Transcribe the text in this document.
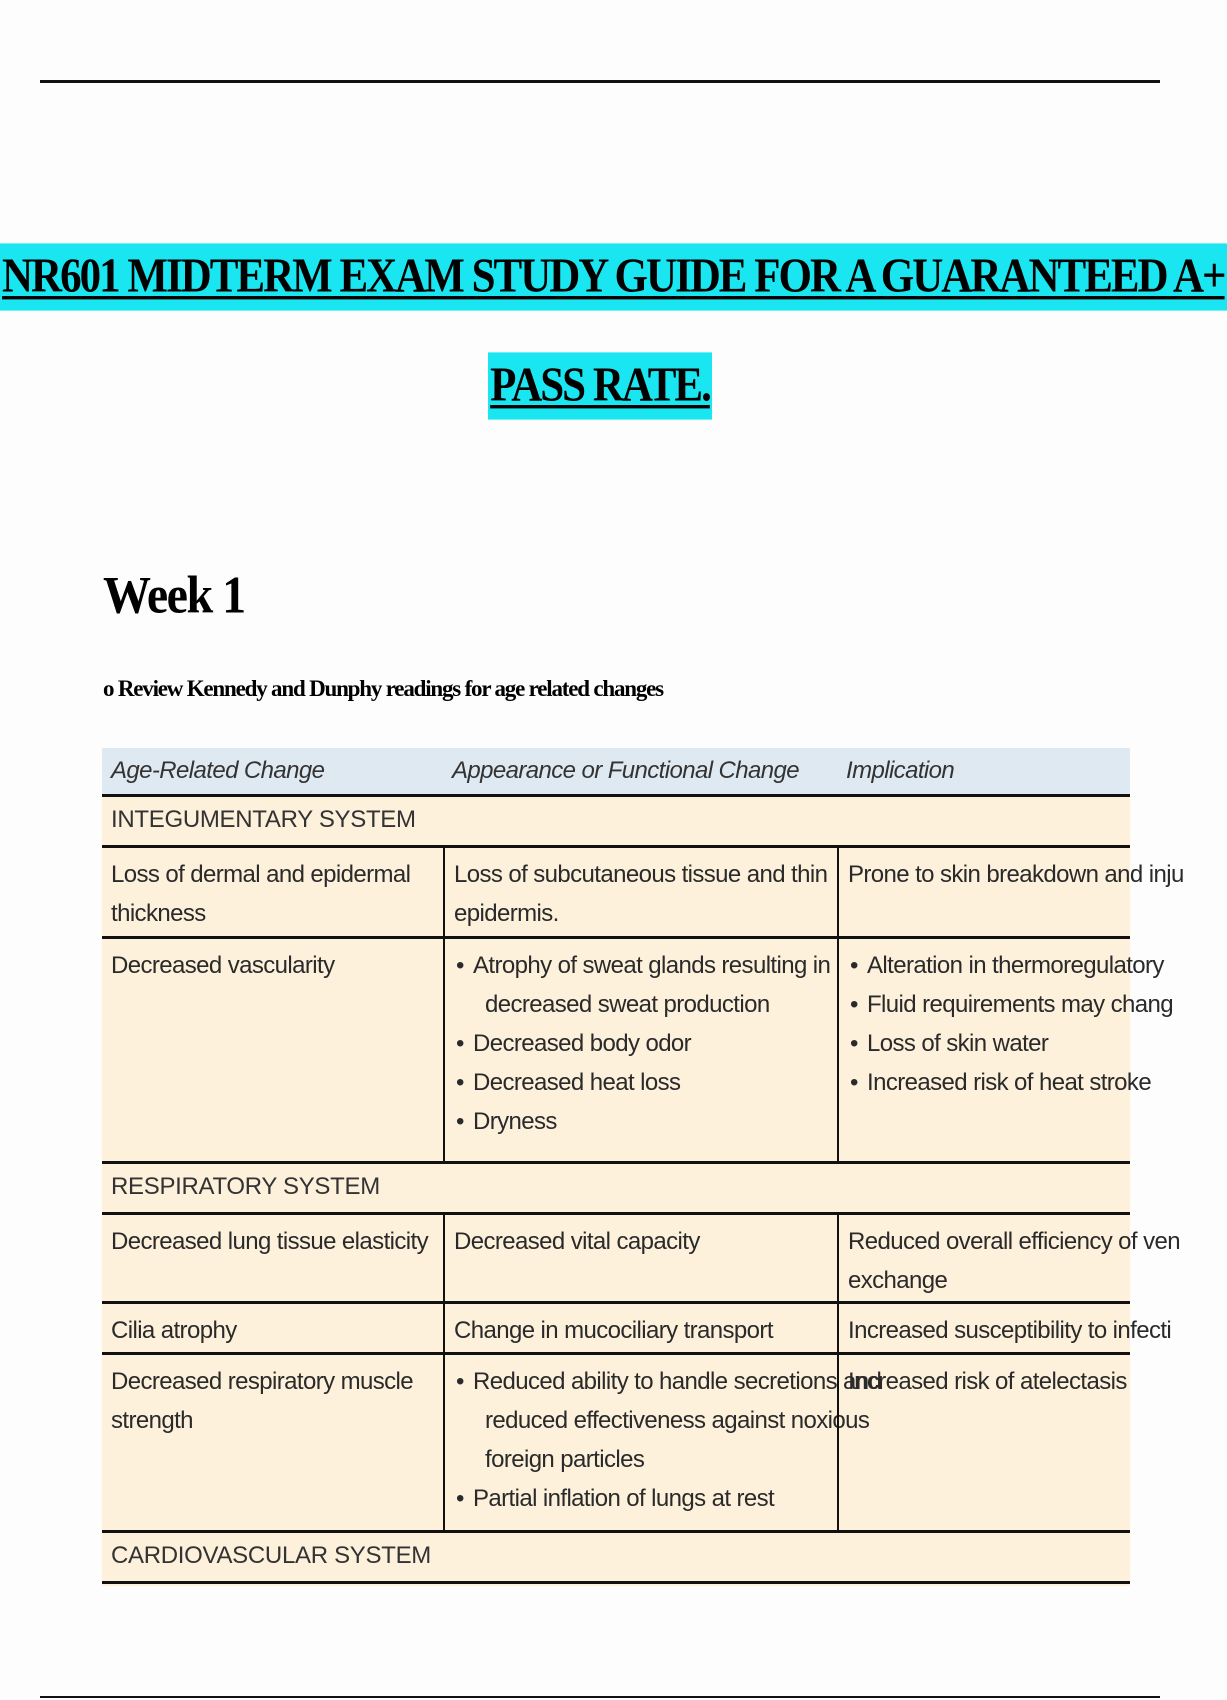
NR601 MIDTERM EXAM STUDY GUIDE FOR A GUARANTEED A+
PASS RATE.
Week 1
o Review Kennedy and Dunphy readings for age related changes
Age-Related Change	Appearance or Functional Change Implication
INTEGUMENTARY SYSTEM
Loss of dermal and epidermal
thickness
Loss of subcutaneous tissue and thin
epidermis.
Prone to skin breakdown and inju
Decreased vascularity
•	Atrophy of sweat glands resulting in
decreased sweat production
• Decreased body odor
• Decreased heat loss
• Dryness
• Alteration in thermoregulatory
• Fluid requirements may chang
• Loss of skin water
• Increased risk of heat stroke
RESPIRATORY SYSTEM
Decreased lung tissue elasticity Decreased vital capacity	Reduced overall efficiency of ven
exchange
Cilia atrophy	Change in mucociliary transport	Increased susceptibility to infecti
Decreased respiratory muscle
strength
• Reduced ability to handle secretions and
reduced effectiveness against noxious
foreign particles
• Partial inflation of lungs at rest
Increased risk of atelectasis
CARDIOVASCULAR SYSTEM
